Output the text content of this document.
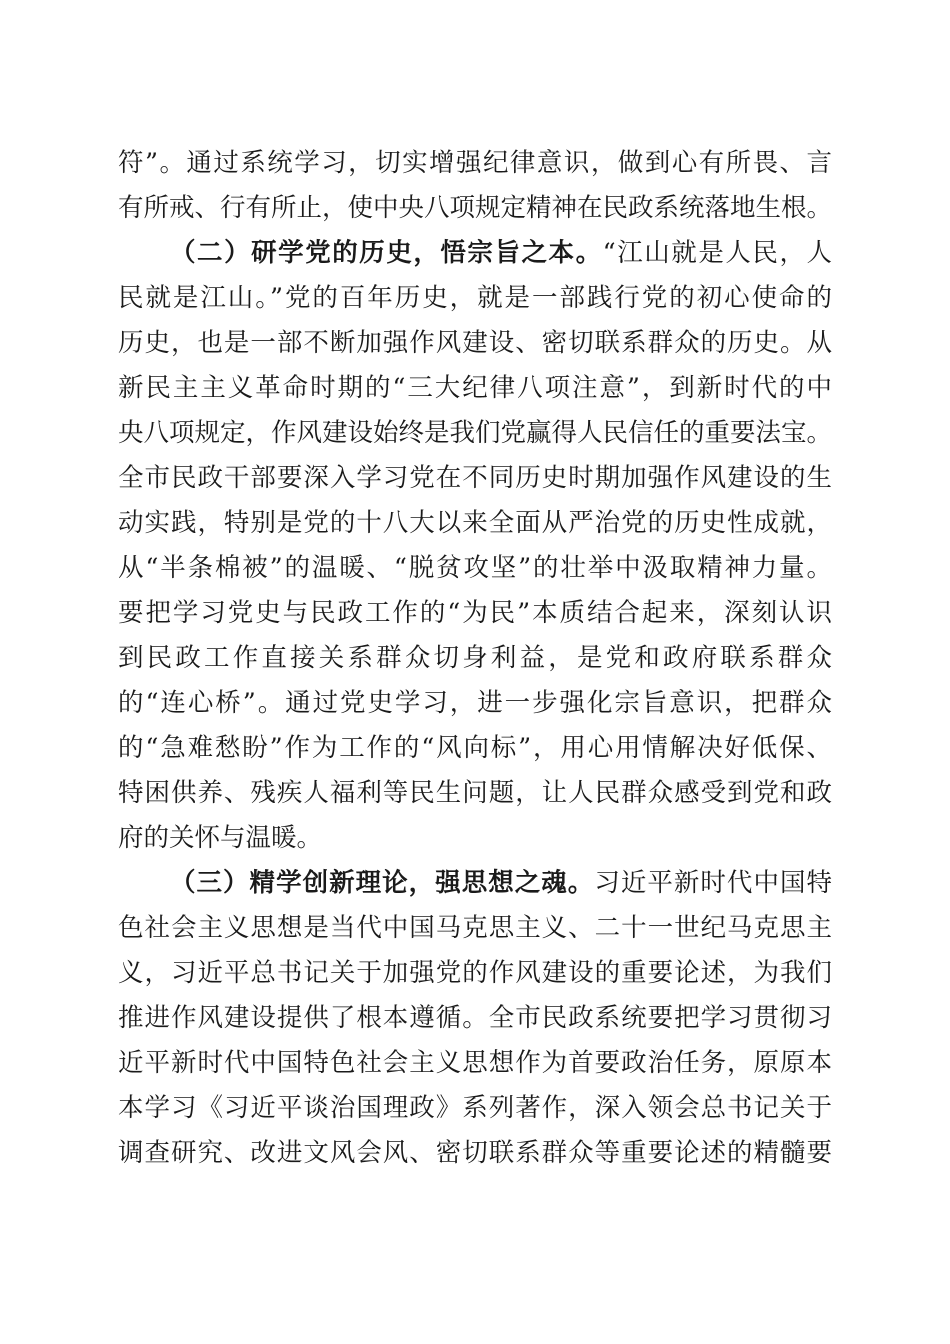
符”。通过系统学习，切实增强纪律意识，做到心有所畏、言
有所戒、行有所止，使中央八项规定精神在民政系统落地生根。
（二）研学党的历史，悟宗旨之本。“江山就是人民，人
民就是江山。”党的百年历史，就是一部践行党的初心使命的
历史，也是一部不断加强作风建设、密切联系群众的历史。从
新民主主义革命时期的“三大纪律八项注意”，到新时代的中
央八项规定，作风建设始终是我们党赢得人民信任的重要法宝。
全市民政干部要深入学习党在不同历史时期加强作风建设的生
动实践，特别是党的十八大以来全面从严治党的历史性成就，
从“半条棉被”的温暖、“脱贫攻坚”的壮举中汲取精神力量。
要把学习党史与民政工作的“为民”本质结合起来，深刻认识
到民政工作直接关系群众切身利益，是党和政府联系群众
的“连心桥”。通过党史学习，进一步强化宗旨意识，把群众
的“急难愁盼”作为工作的“风向标”，用心用情解决好低保、
特困供养、残疾人福利等民生问题，让人民群众感受到党和政
府的关怀与温暖。
（三）精学创新理论，强思想之魂。习近平新时代中国特
色社会主义思想是当代中国马克思主义、二十一世纪马克思主
义，习近平总书记关于加强党的作风建设的重要论述，为我们
推进作风建设提供了根本遵循。全市民政系统要把学习贯彻习
近平新时代中国特色社会主义思想作为首要政治任务，原原本
本学习《习近平谈治国理政》系列著作，深入领会总书记关于
调查研究、改进文风会风、密切联系群众等重要论述的精髓要
